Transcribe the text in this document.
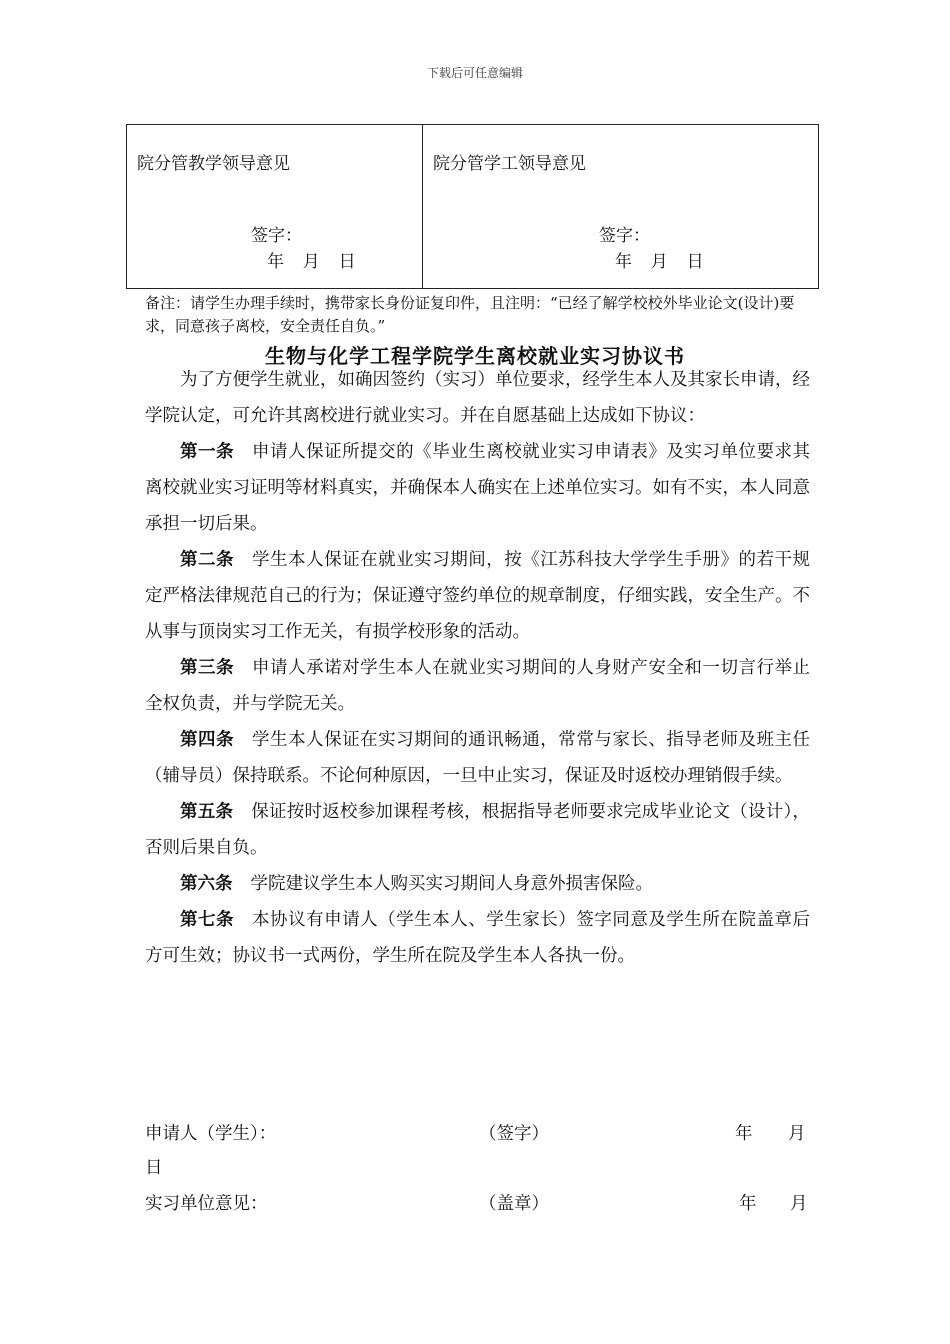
下载后可任意编辑
院分管教学领导意见
签字：
年  月  日
院分管学工领导意见
签字：
年  月  日
备注：请学生办理手续时，携带家长身份证复印件，且注明：“已经了解学校校外毕业论文(设计)要求，同意孩子离校，安全责任自负。”
生物与化学工程学院学生离校就业实习协议书

为了方便学生就业，如确因签约（实习）单位要求，经学生本人及其家长申请，经学院认定，可允许其离校进行就业实习。并在自愿基础上达成如下协议：

第一条 申请人保证所提交的《毕业生离校就业实习申请表》及实习单位要求其离校就业实习证明等材料真实，并确保本人确实在上述单位实习。如有不实，本人同意承担一切后果。

第二条 学生本人保证在就业实习期间，按《江苏科技大学学生手册》的若干规定严格法律规范自己的行为；保证遵守签约单位的规章制度，仔细实践，安全生产。不从事与顶岗实习工作无关，有损学校形象的活动。

第三条 申请人承诺对学生本人在就业实习期间的人身财产安全和一切言行举止全权负责，并与学院无关。

第四条 学生本人保证在实习期间的通讯畅通，常常与家长、指导老师及班主任（辅导员）保持联系。不论何种原因，一旦中止实习，保证及时返校办理销假手续。

第五条 保证按时返校参加课程考核，根据指导老师要求完成毕业论文（设计），否则后果自负。

第六条 学院建议学生本人购买实习期间人身意外损害保险。

第七条 本协议有申请人（学生本人、学生家长）签字同意及学生所在院盖章后方可生效；协议书一式两份，学生所在院及学生本人各执一份。

申请人（学生）：	（签字）	年 月
日
实习单位意见：	（盖章）	年 月
